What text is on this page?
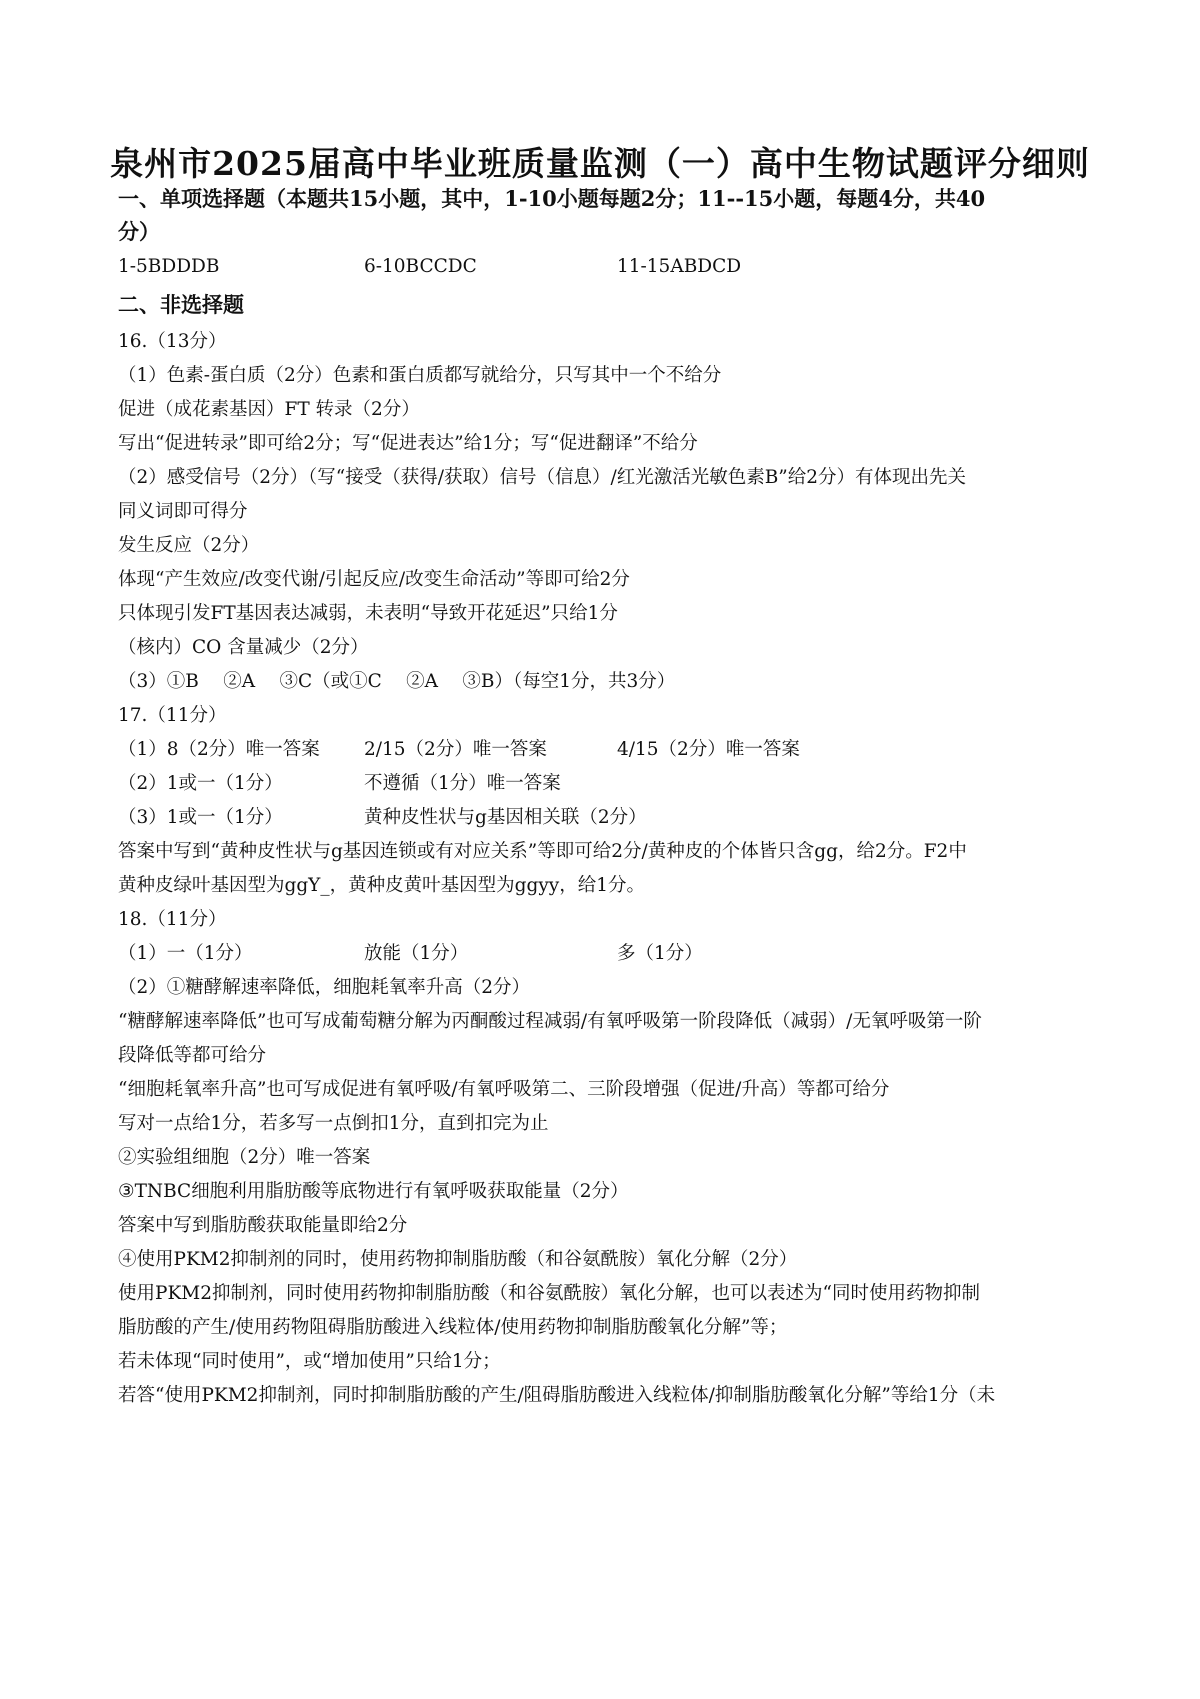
泉州市2025届高中毕业班质量监测（一）高中生物试题评分细则
一、单项选择题（本题共15小题，其中，1-10小题每题2分；11--15小题，每题4分，共40
分）
1-5BDDDB	6-10BCCDC	11-15ABDCD
二、非选择题
16.（13分）
（1）色素-蛋白质（2分）色素和蛋白质都写就给分，只写其中一个不给分
促进（成花素基因）FT 转录（2分）
写出“促进转录”即可给2分；写“促进表达”给1分；写“促进翻译”不给分
（2）感受信号（2分）（写“接受（获得/获取）信号（信息）/红光激活光敏色素B”给2分）有体现出先关
同义词即可得分
发生反应（2分）
体现“产生效应/改变代谢/引起反应/改变生命活动”等即可给2分
只体现引发FT基因表达减弱，未表明“导致开花延迟”只给1分
（核内）CO 含量减少（2分）
（3）①B　 ②A　 ③C（或①C　 ②A　 ③B）（每空1分，共3分）
17.（11分）
（1）8（2分）唯一答案 2/15（2分）唯一答案	4/15（2分）唯一答案
（2）1或一（1分）	不遵循（1分）唯一答案
（3）1或一（1分）	黄种皮性状与g基因相关联（2分）
答案中写到“黄种皮性状与g基因连锁或有对应关系”等即可给2分/黄种皮的个体皆只含gg，给2分。F2中
黄种皮绿叶基因型为ggY_，黄种皮黄叶基因型为ggyy，给1分。
18.（11分）
（1）一（1分）	放能（1分）	多（1分）
（2）①糖酵解速率降低，细胞耗氧率升高（2分）
“糖酵解速率降低”也可写成葡萄糖分解为丙酮酸过程减弱/有氧呼吸第一阶段降低（减弱）/无氧呼吸第一阶
段降低等都可给分
“细胞耗氧率升高”也可写成促进有氧呼吸/有氧呼吸第二、三阶段增强（促进/升高）等都可给分
写对一点给1分，若多写一点倒扣1分，直到扣完为止
②实验组细胞（2分）唯一答案
③TNBC细胞利用脂肪酸等底物进行有氧呼吸获取能量（2分）
答案中写到脂肪酸获取能量即给2分
④使用PKM2抑制剂的同时，使用药物抑制脂肪酸（和谷氨酰胺）氧化分解（2分）
使用PKM2抑制剂，同时使用药物抑制脂肪酸（和谷氨酰胺）氧化分解，也可以表述为“同时使用药物抑制
脂肪酸的产生/使用药物阻碍脂肪酸进入线粒体/使用药物抑制脂肪酸氧化分解”等；
若未体现“同时使用”，或“增加使用”只给1分；
若答“使用PKM2抑制剂，同时抑制脂肪酸的产生/阻碍脂肪酸进入线粒体/抑制脂肪酸氧化分解”等给1分（未
